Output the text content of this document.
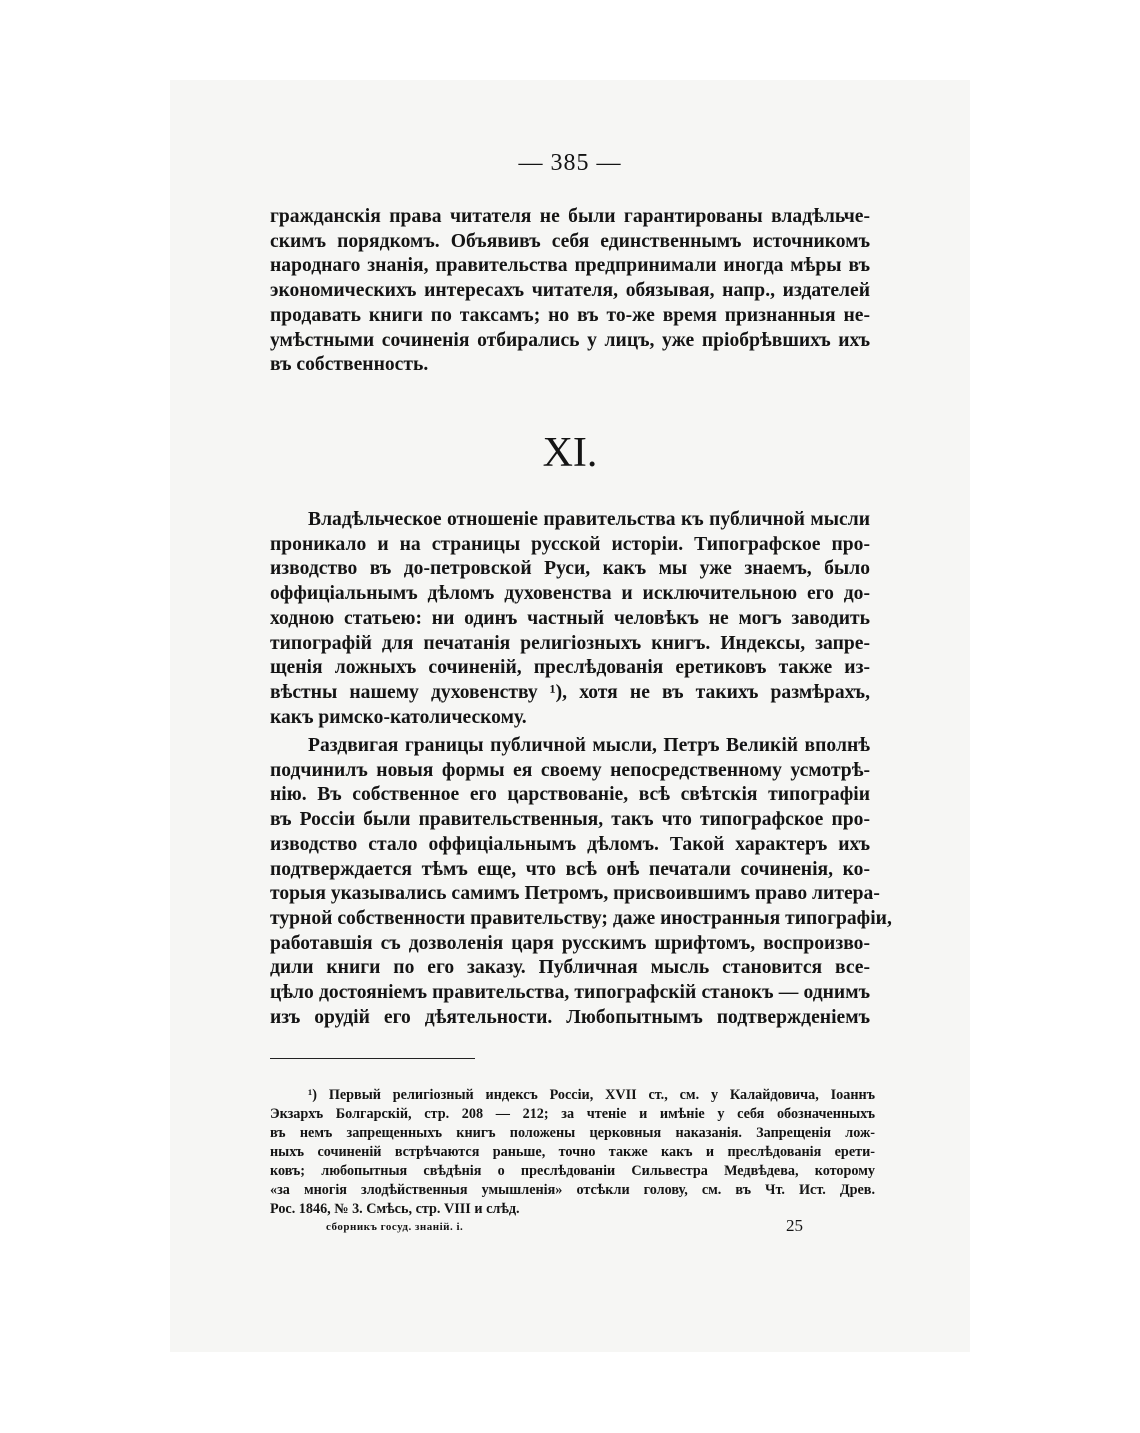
— 385 —
гражданскія права читателя не были гарантированы владѣльче-
скимъ порядкомъ. Объявивъ себя единственнымъ источникомъ
народнаго знанія, правительства предпринимали иногда мѣры въ
экономическихъ интересахъ читателя, обязывая, напр., издателей
продавать книги по таксамъ; но въ то-же время признанныя не-
умѣстными сочиненія отбирались у лицъ, уже пріобрѣвшихъ ихъ
въ собственность.
XI.
Владѣльческое отношеніе правительства къ публичной мысли
проникало и на страницы русской исторіи. Типографское про-
изводство въ до-петровской Руси, какъ мы уже знаемъ, было
оффиціальнымъ дѣломъ духовенства и исключительною его до-
ходною статьею: ни одинъ частный человѣкъ не могъ заводить
типографій для печатанія религіозныхъ книгъ. Индексы, запре-
щенія ложныхъ сочиненій, преслѣдованія еретиковъ также из-
вѣстны нашему духовенству ¹), хотя не въ такихъ размѣрахъ,
какъ римско-католическому.
Раздвигая границы публичной мысли, Петръ Великій вполнѣ
подчинилъ новыя формы ея своему непосредственному усмотрѣ-
нію. Въ собственное его царствованіе, всѣ свѣтскія типографіи
въ Россіи были правительственныя, такъ что типографское про-
изводство стало оффиціальнымъ дѣломъ. Такой характеръ ихъ
подтверждается тѣмъ еще, что всѣ онѣ печатали сочиненія, ко-
торыя указывались самимъ Петромъ, присвоившимъ право литера-
турной собственности правительству; даже иностранныя типографіи,
работавшія съ дозволенія царя русскимъ шрифтомъ, воспроизво-
дили книги по его заказу. Публичная мысль становится все-
цѣло достояніемъ правительства, типографскій станокъ — однимъ
изъ орудій его дѣятельности. Любопытнымъ подтвержденіемъ
¹) Первый религіозный индексъ Россіи, XVII ст., см. у Калайдовича, Іоаннъ
Экзархъ Болгарскій, стр. 208 — 212; за чтеніе и имѣніе у себя обозначенныхъ
въ немъ запрещенныхъ книгъ положены церковныя наказанія. Запрещенія лож-
ныхъ сочиненій встрѣчаются раньше, точно также какъ и преслѣдованія ерети-
ковъ; любопытныя свѣдѣнія о преслѣдованіи Сильвестра Медвѣдева, которому
«за многія злодѣйственныя умышленія» отсѣкли голову, см. въ Чт. Ист. Древ.
Рос. 1846, № 3. Смѣсь, стр. VIII и слѣд.
сборникъ госуд. знаній. i.	25
